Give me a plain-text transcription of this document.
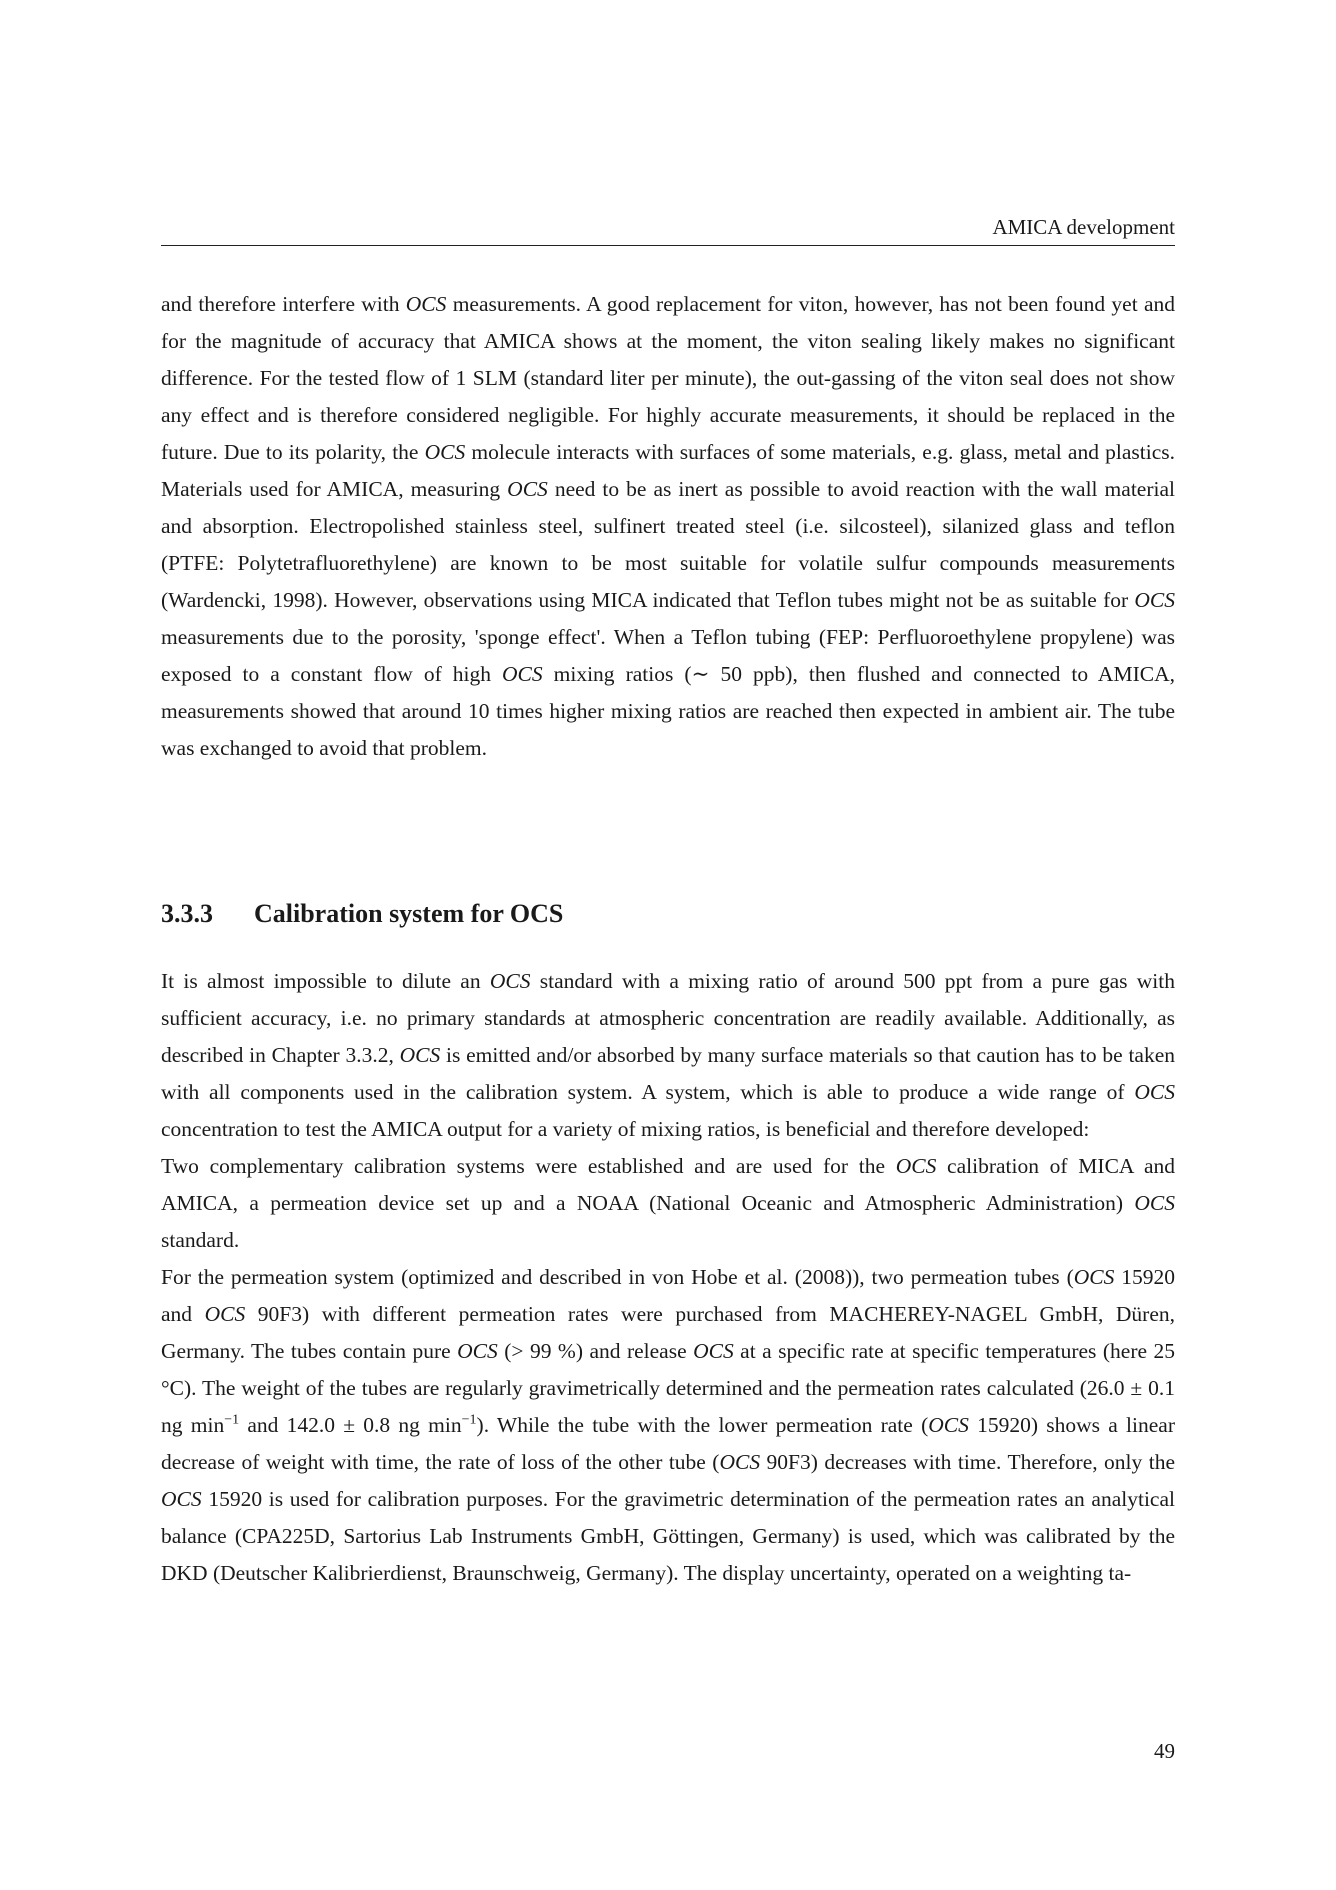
AMICA development

and therefore interfere with OCS measurements. A good replacement for viton, however, has not been found yet and for the magnitude of accuracy that AMICA shows at the moment, the viton sealing likely makes no significant difference. For the tested flow of 1 SLM (standard liter per minute), the out-gassing of the viton seal does not show any effect and is therefore considered negligible. For highly accurate measurements, it should be replaced in the future. Due to its polarity, the OCS molecule interacts with surfaces of some materials, e.g. glass, metal and plastics. Materials used for AMICA, measuring OCS need to be as inert as possible to avoid reaction with the wall material and absorption. Electropolished stainless steel, sulfinert treated steel (i.e. silcosteel), silanized glass and teflon (PTFE: Polytetrafluorethylene) are known to be most suitable for volatile sulfur compounds measurements (Wardencki, 1998). However, observations using MICA indicated that Teflon tubes might not be as suitable for OCS measurements due to the porosity, 'sponge effect'. When a Teflon tubing (FEP: Perfluoroethylene propylene) was exposed to a constant flow of high OCS mixing ratios (∼ 50 ppb), then flushed and connected to AMICA, measurements showed that around 10 times higher mixing ratios are reached then expected in ambient air. The tube was exchanged to avoid that problem.

3.3.3 Calibration system for OCS

It is almost impossible to dilute an OCS standard with a mixing ratio of around 500 ppt from a pure gas with sufficient accuracy, i.e. no primary standards at atmospheric concentration are readily available. Additionally, as described in Chapter 3.3.2, OCS is emitted and/or absorbed by many surface materials so that caution has to be taken with all components used in the calibration system. A system, which is able to produce a wide range of OCS concentration to test the AMICA output for a variety of mixing ratios, is beneficial and therefore developed:

Two complementary calibration systems were established and are used for the OCS calibration of MICA and AMICA, a permeation device set up and a NOAA (National Oceanic and Atmospheric Administration) OCS standard.

For the permeation system (optimized and described in von Hobe et al. (2008)), two permeation tubes (OCS 15920 and OCS 90F3) with different permeation rates were purchased from MACHEREY-NAGEL GmbH, Düren, Germany. The tubes contain pure OCS (> 99 %) and release OCS at a specific rate at specific temperatures (here 25 °C). The weight of the tubes are regularly gravimetrically determined and the permeation rates calculated (26.0 ± 0.1 ng $\min^{-1}$ and 142.0 ± 0.8 ng $\min^{-1}$). While the tube with the lower permeation rate (OCS 15920) shows a linear decrease of weight with time, the rate of loss of the other tube (OCS 90F3) decreases with time. Therefore, only the OCS 15920 is used for calibration purposes. For the gravimetric determination of the permeation rates an analytical balance (CPA225D, Sartorius Lab Instruments GmbH, Göttingen, Germany) is used, which was calibrated by the DKD (Deutscher Kalibrierdienst, Braunschweig, Germany). The display uncertainty, operated on a weighting ta-

49
